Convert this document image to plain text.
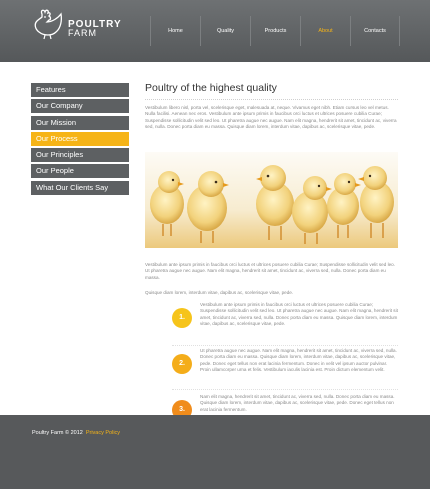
POULTRY
FARM	Home	Quality	Products	About	Contacts
Features
Our Company
Our Mission
Our Process
Our Principles
Our People
What Our Clients Say
Poultry of the highest quality

Vestibulum libero nisl, porta vel, scelerisque eget, malesuada at, neque. Vivamus eget nibh. Etiam cursus leo vel metus. Nulla facilisi. Aenean nec eros. Vestibulum ante ipsum primis in faucibus orci luctus et ultrices posuere cubilia Curae; Suspendisse sollicitudin velit sed leo. Ut pharetra augue nec augue. Nam elit magna, hendrerit sit amet, tincidunt ac, viverra sed, nulla. Donec porta diam eu massa. Quisque diam lorem, interdum vitae, dapibus ac, scelerisque vitae, pede.

Vestibulum ante ipsum primis in faucibus orci luctus et ultrices posuere cubilia Curae; Suspendisse sollicitudin velit sed leo. Ut pharetra augue nec augue. Nam elit magna, hendrerit sit amet, tincidunt ac, viverra sed, nulla. Donec porta diam eu massa.

Quisque diam lorem, interdum vitae, dapibus ac, scelerisque vitae, pede.

1.
Vestibulum ante ipsum primis in faucibus orci luctus et ultrices posuere cubilia Curae; Suspendisse sollicitudin velit sed leo. Ut pharetra augue nec augue. Nam elit magna, hendrerit sit amet, tincidunt ac, viverra sed, nulla. Donec porta diam eu massa. Quisque diam lorem, interdum vitae, dapibus ac, scelerisque vitae, pede.
2.
Ut pharetra augue nec augue. Nam elit magna, hendrerit sit amet, tincidunt ac, viverra sed, nulla. Donec porta diam eu massa. Quisque diam lorem, interdum vitae, dapibus ac, scelerisque vitae, pede. Donec eget tellus non erat lacinia fermentum. Donec in velit vel ipsum auctor pulvinar. Proin ullamcorper urna et felis. Vestibulum iaculis lacinia est. Proin dictum elementum velit.
3.
Nam elit magna, hendrerit sit amet, tincidunt ac, viverra sed, nulla. Donec porta diam eu massa. Quisque diam lorem, interdum vitae, dapibus ac, scelerisque vitae, pede. Donec eget tellus non erat lacinia fermentum.
Poultry Farm © 2012 Privacy Policy
